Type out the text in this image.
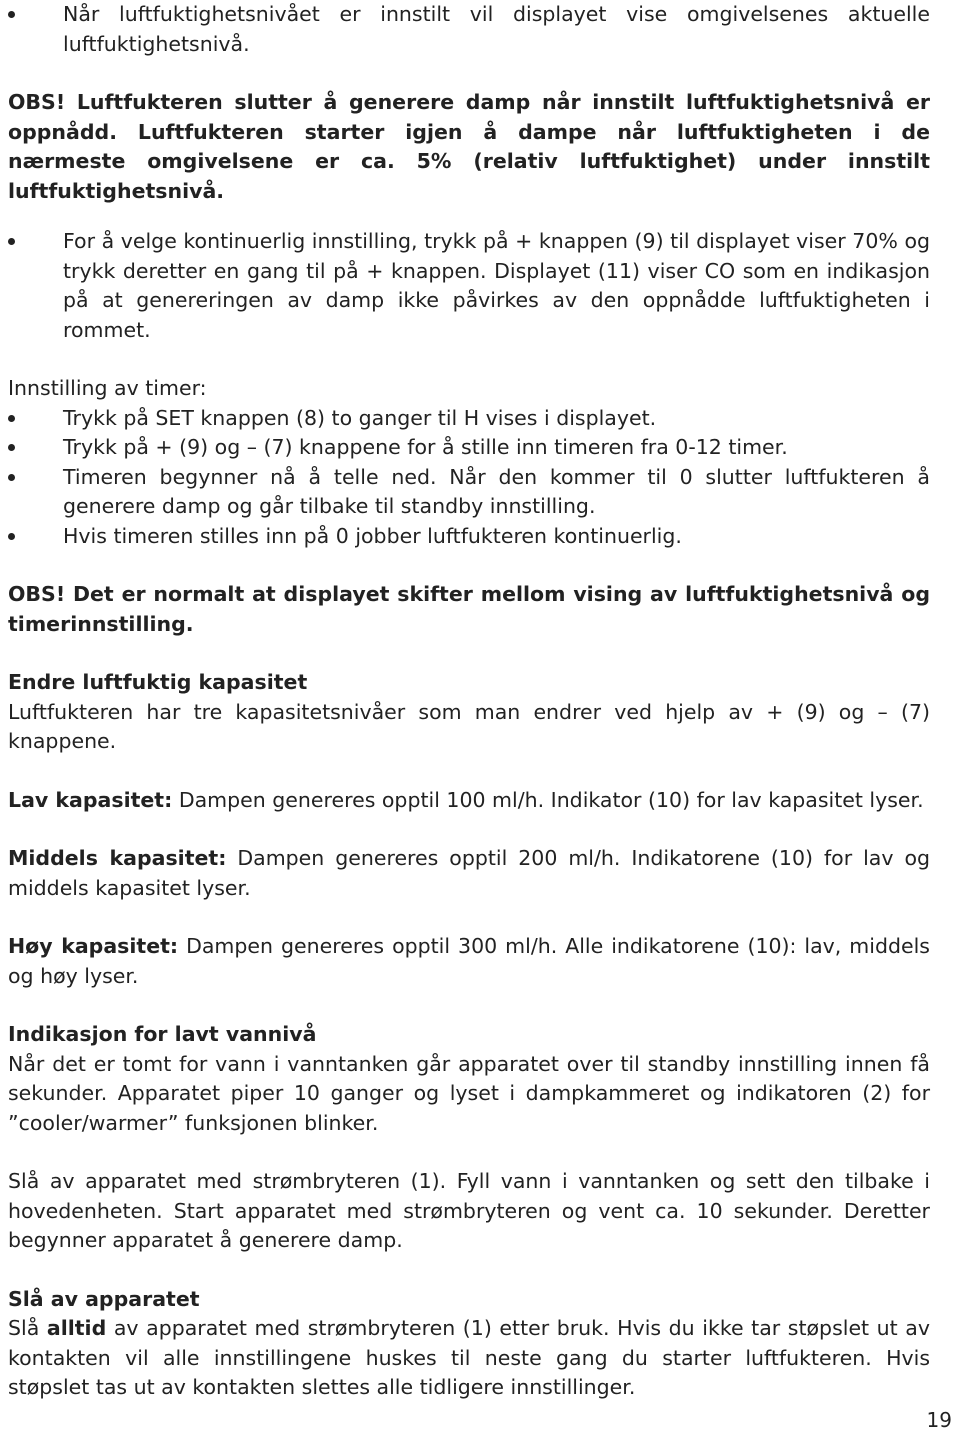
Når luftfuktighetsnivået er innstilt vil displayet vise omgivelsenes aktuelle luftfuktighetsnivå.

OBS! Luftfukteren slutter å generere damp når innstilt luftfuktighetsnivå er oppnådd. Luftfukteren starter igjen å dampe når luftfuktigheten i de nærmeste omgivelsene er ca. 5% (relativ luftfuktighet) under innstilt luftfuktighetsnivå.

For å velge kontinuerlig innstilling, trykk på + knappen (9) til displayet viser 70% og trykk deretter en gang til på + knappen. Displayet (11) viser CO som en indikasjon på at genereringen av damp ikke påvirkes av den oppnådde luftfuktigheten i rommet.

Innstilling av timer:

Trykk på SET knappen (8) to ganger til H vises i displayet.
Trykk på + (9) og – (7) knappene for å stille inn timeren fra 0-12 timer.
Timeren begynner nå å telle ned. Når den kommer til 0 slutter luftfukteren å generere damp og går tilbake til standby innstilling.
Hvis timeren stilles inn på 0 jobber luftfukteren kontinuerlig.

OBS! Det er normalt at displayet skifter mellom vising av luftfuktighetsnivå og timerinnstilling.

Endre luftfuktig kapasitet

Luftfukteren har tre kapasitetsnivåer som man endrer ved hjelp av + (9) og – (7) knappene.

Lav kapasitet: Dampen genereres opptil 100 ml/h. Indikator (10) for lav kapasitet lyser.

Middels kapasitet: Dampen genereres opptil 200 ml/h. Indikatorene (10) for lav og middels kapasitet lyser.

Høy kapasitet: Dampen genereres opptil 300 ml/h. Alle indikatorene (10): lav, middels og høy lyser.

Indikasjon for lavt vannivå

Når det er tomt for vann i vanntanken går apparatet over til standby innstilling innen få sekunder. Apparatet piper 10 ganger og lyset i dampkammeret og indikatoren (2) for ”cooler/warmer” funksjonen blinker.

Slå av apparatet med strømbryteren (1). Fyll vann i vanntanken og sett den tilbake i hovedenheten. Start apparatet med strømbryteren og vent ca. 10 sekunder. Deretter begynner apparatet å generere damp.

Slå av apparatet

Slå alltid av apparatet med strømbryteren (1) etter bruk. Hvis du ikke tar støpslet ut av kontakten vil alle innstillingene huskes til neste gang du starter luftfukteren. Hvis støpslet tas ut av kontakten slettes alle tidligere innstillinger.

19
